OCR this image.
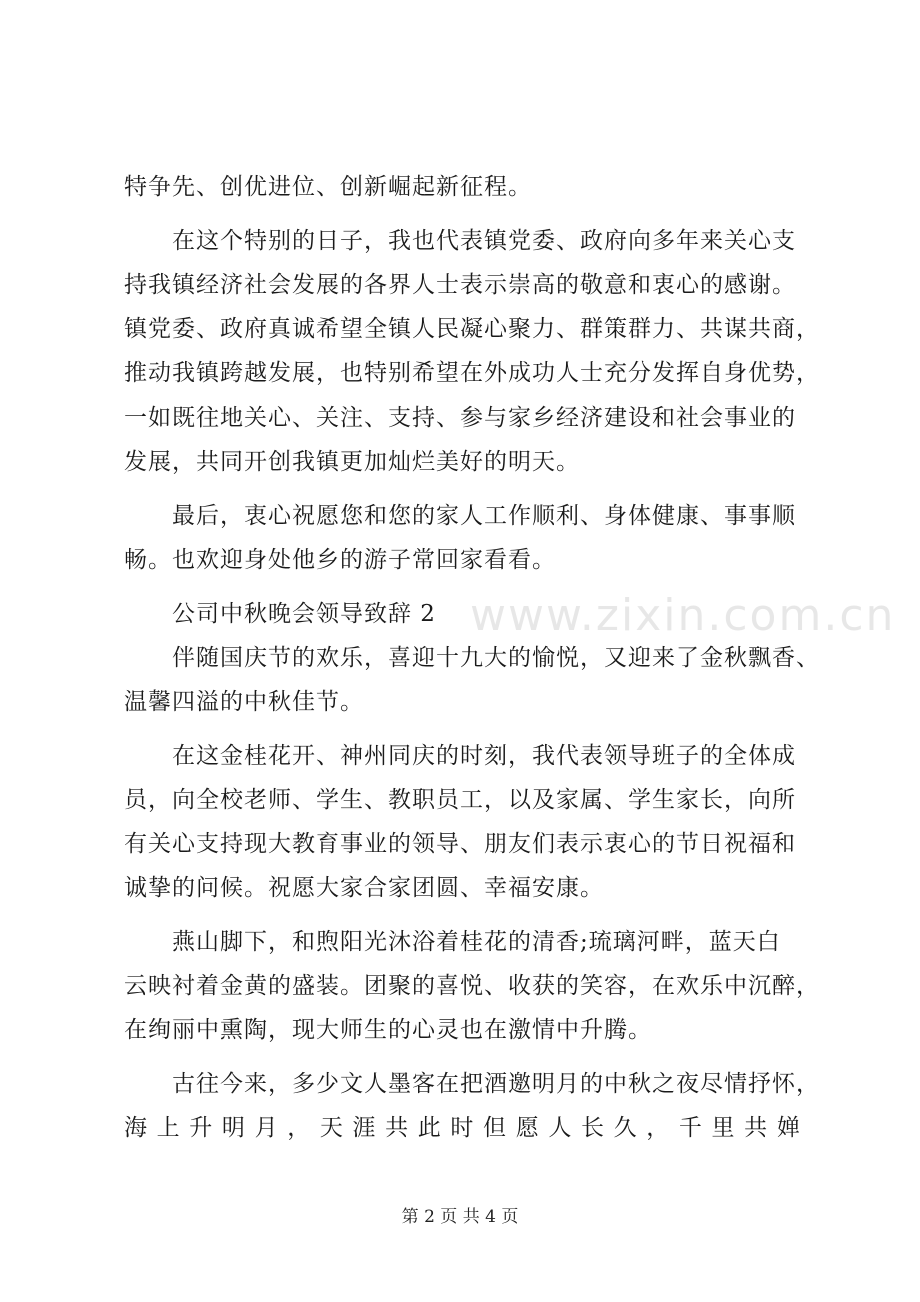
特争先、创优进位、创新崛起新征程。
在这个特别的日子，我也代表镇党委、政府向多年来关心支
持我镇经济社会发展的各界人士表示崇高的敬意和衷心的感谢。
镇党委、政府真诚希望全镇人民凝心聚力、群策群力、共谋共商，
推动我镇跨越发展，也特别希望在外成功人士充分发挥自身优势，
一如既往地关心、关注、支持、参与家乡经济建设和社会事业的
发展，共同开创我镇更加灿烂美好的明天。
最后，衷心祝愿您和您的家人工作顺利、身体健康、事事顺
畅。也欢迎身处他乡的游子常回家看看。
公司中秋晚会领导致辞 2
伴随国庆节的欢乐，喜迎十九大的愉悦，又迎来了金秋飘香、
温馨四溢的中秋佳节。
在这金桂花开、神州同庆的时刻，我代表领导班子的全体成
员，向全校老师、学生、教职员工，以及家属、学生家长，向所
有关心支持现大教育事业的领导、朋友们表示衷心的节日祝福和
诚挚的问候。祝愿大家合家团圆、幸福安康。
燕山脚下，和煦阳光沐浴着桂花的清香;琉璃河畔，蓝天白
云映衬着金黄的盛装。团聚的喜悦、收获的笑容，在欢乐中沉醉，
在绚丽中熏陶，现大师生的心灵也在激情中升腾。
古往今来，多少文人墨客在把酒邀明月的中秋之夜尽情抒怀，
海 上 升 明 月 ， 天 涯 共 此 时 但 愿 人 长 久 ， 千 里 共 婵
www.zixin.com.cn
第 2 页 共 4 页
